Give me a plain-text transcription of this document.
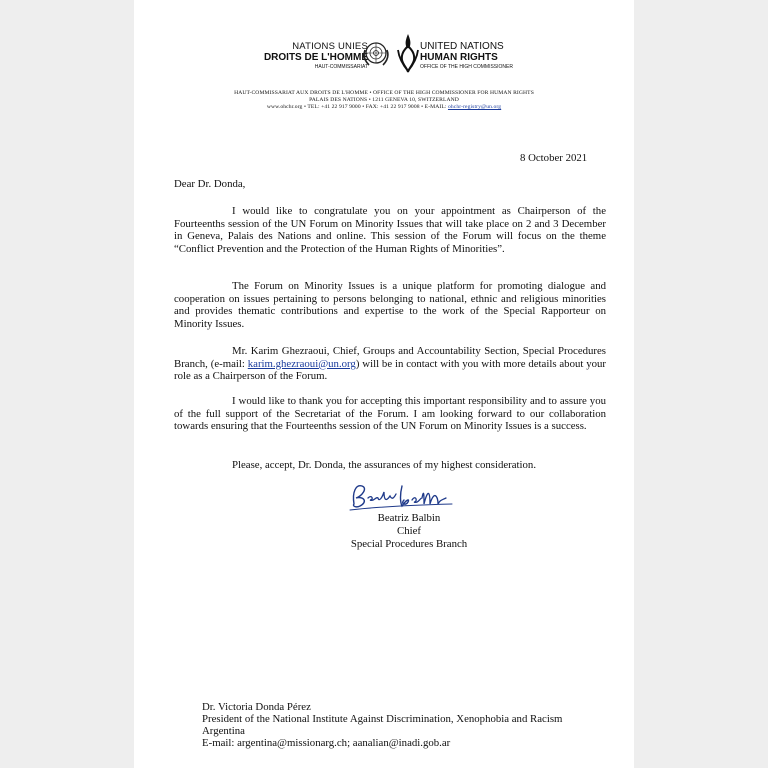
NATIONS UNIES
DROITS DE L'HOMME
HAUT-COMMISSARIAT
UNITED NATIONS
HUMAN RIGHTS
OFFICE OF THE HIGH COMMISSIONER
HAUT-COMMISSARIAT AUX DROITS DE L'HOMME • OFFICE OF THE HIGH COMMISSIONER FOR HUMAN RIGHTS
PALAIS DES NATIONS • 1211 GENEVA 10, SWITZERLAND
www.ohchr.org • TEL: +41 22 917 9000 • FAX: +41 22 917 9008 • E-MAIL: ohchr-registry@un.org
8 October 2021
Dear Dr. Donda,

I would like to congratulate you on your appointment as Chairperson of the Fourteenths session of the UN Forum on Minority Issues that will take place on 2 and 3 December in Geneva, Palais des Nations and online. This session of the Forum will focus on the theme “Conflict Prevention and the Protection of the Human Rights of Minorities”.

The Forum on Minority Issues is a unique platform for promoting dialogue and cooperation on issues pertaining to persons belonging to national, ethnic and religious minorities and provides thematic contributions and expertise to the work of the Special Rapporteur on Minority Issues.

Mr. Karim Ghezraoui, Chief, Groups and Accountability Section, Special Procedures Branch, (e-mail: karim.ghezraoui@un.org) will be in contact with you with more details about your role as a Chairperson of the Forum.

I would like to thank you for accepting this important responsibility and to assure you of the full support of the Secretariat of the Forum. I am looking forward to our collaboration towards ensuring that the Fourteenths session of the UN Forum on Minority Issues is a success.

Please, accept, Dr. Donda, the assurances of my highest consideration.

Beatriz Balbin
Chief
Special Procedures Branch
Dr. Victoria Donda Pérez
President of the National Institute Against Discrimination, Xenophobia and Racism
Argentina
E-mail: argentina@missionarg.ch; aanalian@inadi.gob.ar
